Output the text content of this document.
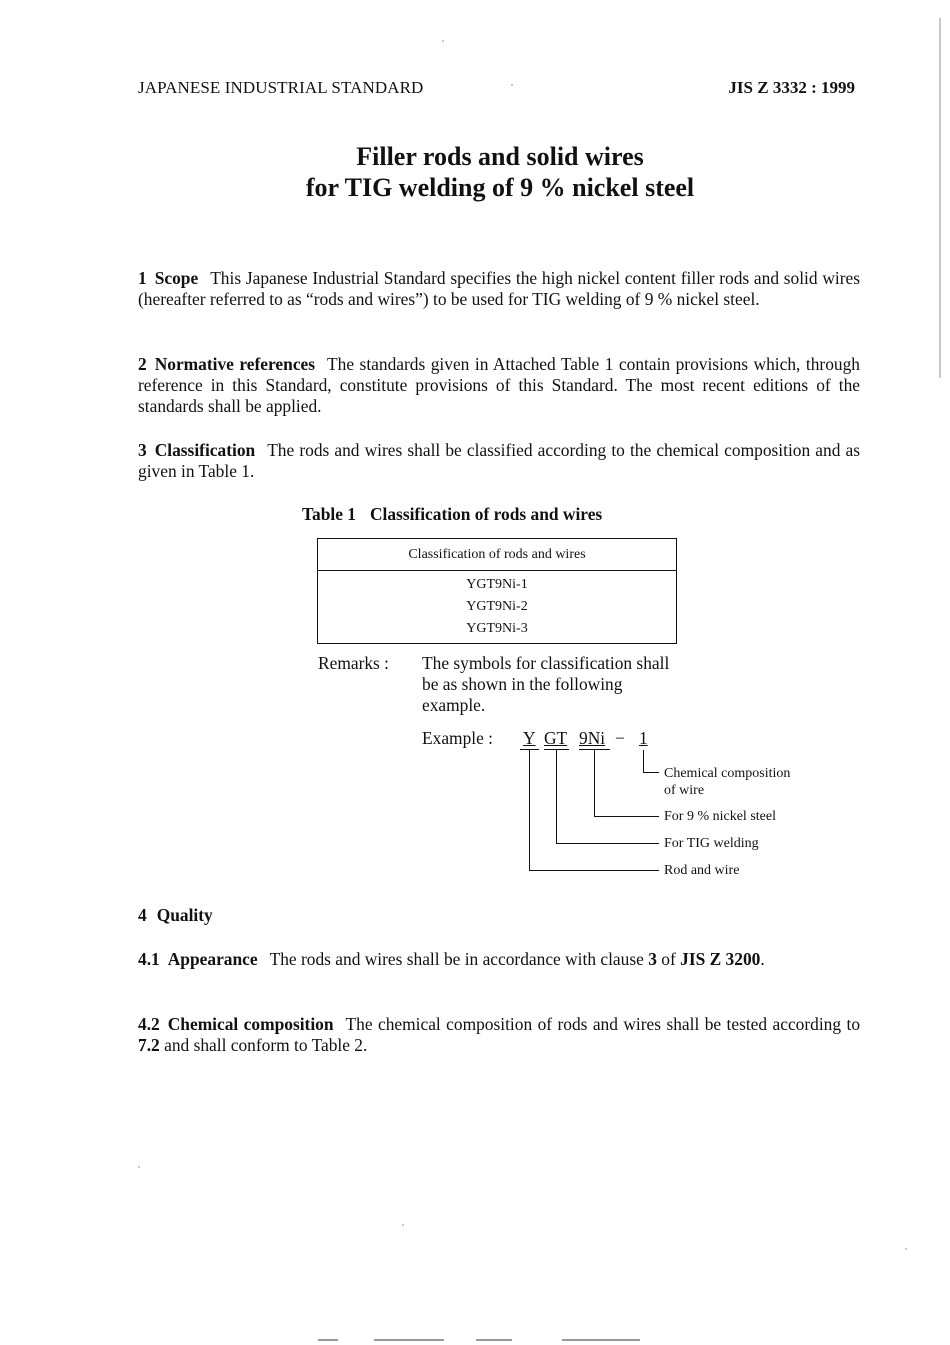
JAPANESE INDUSTRIAL STANDARD	JIS Z 3332 : 1999
Filler rods and solid wires
for TIG welding of 9 % nickel steel
1 Scope This Japanese Industrial Standard specifies the high nickel content filler rods and solid wires (hereafter referred to as “rods and wires”) to be used for TIG welding of 9 % nickel steel.
2 Normative references The standards given in Attached Table 1 contain provisions which, through reference in this Standard, constitute provisions of this Standard. The most recent editions of the standards shall be applied.
3 Classification The rods and wires shall be classified according to the chemical composition and as given in Table 1.
Table 1 Classification of rods and wires
Classification of rods and wires
YGT9Ni-1
YGT9Ni-2
YGT9Ni-3
Remarks : The symbols for classification shall be as shown in the following example.
Example : Y GT 9Ni − 1
Chemical composition
of wire
For 9 % nickel steel
For TIG welding
Rod and wire
4 Quality
4.1 Appearance The rods and wires shall be in accordance with clause 3 of JIS Z 3200.
4.2 Chemical composition The chemical composition of rods and wires shall be tested according to 7.2 and shall conform to Table 2.
